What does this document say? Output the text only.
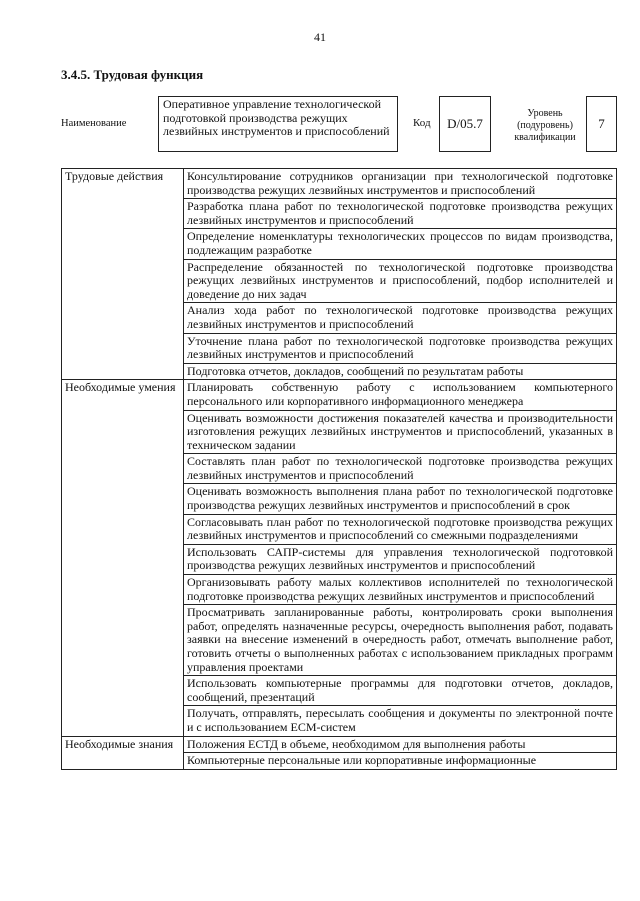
41
3.4.5. Трудовая функция
Наименование
Оперативное управление технологической подготовкой производства режущих лезвийных инструментов и приспособлений
Код	D/05.7
Уровень (подуровень) квалификации
7
Трудовые действия	Консультирование сотрудников организации при технологической подготовке производства режущих лезвийных инструментов и приспособлений
	Разработка плана работ по технологической подготовке производства режущих лезвийных инструментов и приспособлений
	Определение номенклатуры технологических процессов по видам производства, подлежащим разработке
	Распределение обязанностей по технологической подготовке производства режущих лезвийных инструментов и приспособлений, подбор исполнителей и доведение до них задач
	Анализ хода работ по технологической подготовке производства режущих лезвийных инструментов и приспособлений
	Уточнение плана работ по технологической подготовке производства режущих лезвийных инструментов и приспособлений
	Подготовка отчетов, докладов, сообщений по результатам работы
Необходимые умения	Планировать собственную работу с использованием компьютерного персонального или корпоративного информационного менеджера
	Оценивать возможности достижения показателей качества и производительности изготовления режущих лезвийных инструментов и приспособлений, указанных в техническом задании
	Составлять план работ по технологической подготовке производства режущих лезвийных инструментов и приспособлений
	Оценивать возможность выполнения плана работ по технологической подготовке производства режущих лезвийных инструментов и приспособлений в срок
	Согласовывать план работ по технологической подготовке производства режущих лезвийных инструментов и приспособлений со смежными подразделениями
	Использовать САПР-системы для управления технологической подготовкой производства режущих лезвийных инструментов и приспособлений
	Организовывать работу малых коллективов исполнителей по технологической подготовке производства режущих лезвийных инструментов и приспособлений
	Просматривать запланированные работы, контролировать сроки выполнения работ, определять назначенные ресурсы, очередность выполнения работ, подавать заявки на внесение изменений в очередность работ, отмечать выполнение работ, готовить отчеты о выполненных работах с использованием прикладных программ управления проектами
	Использовать компьютерные программы для подготовки отчетов, докладов, сообщений, презентаций
	Получать, отправлять, пересылать сообщения и документы по электронной почте и с использованием ECM-систем
Необходимые знания	Положения ЕСТД в объеме, необходимом для выполнения работы
	Компьютерные персональные или корпоративные информационные
